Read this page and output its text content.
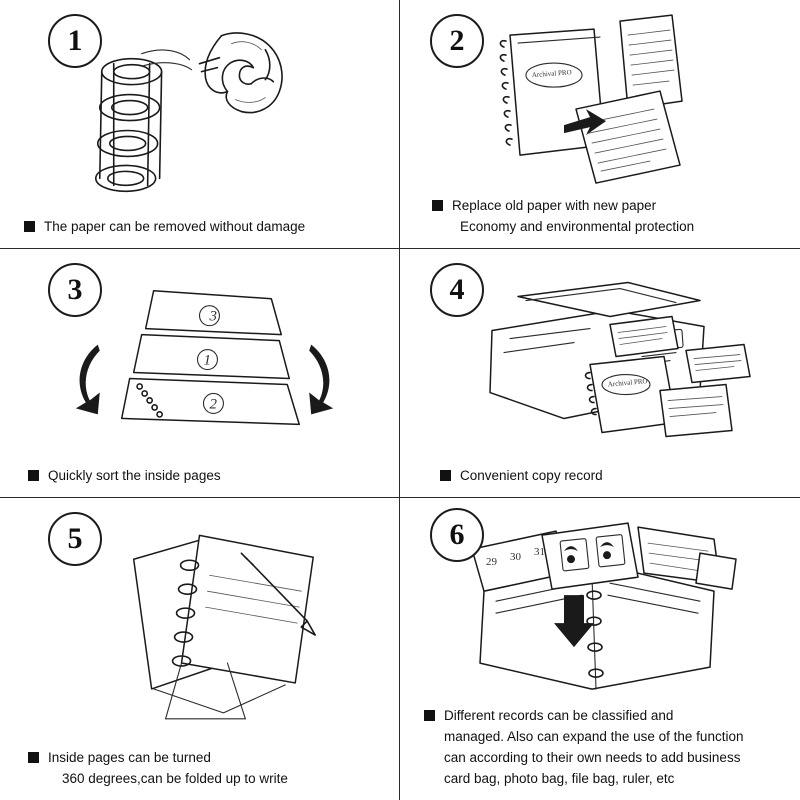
1
The paper can be removed without damage
2
Archival PRO
Replace old paper with new paper
Economy and environmental protection
3
3
1
2
Quickly sort the inside pages
4
Archival PRO
Convenient copy record
5
Inside pages can be turned
360 degrees,can be folded up to write
6
29 30 31
Different records can be classified and
managed. Also can expand the use of the function
can according to their own needs to add business
card bag, photo bag, file bag, ruler, etc
